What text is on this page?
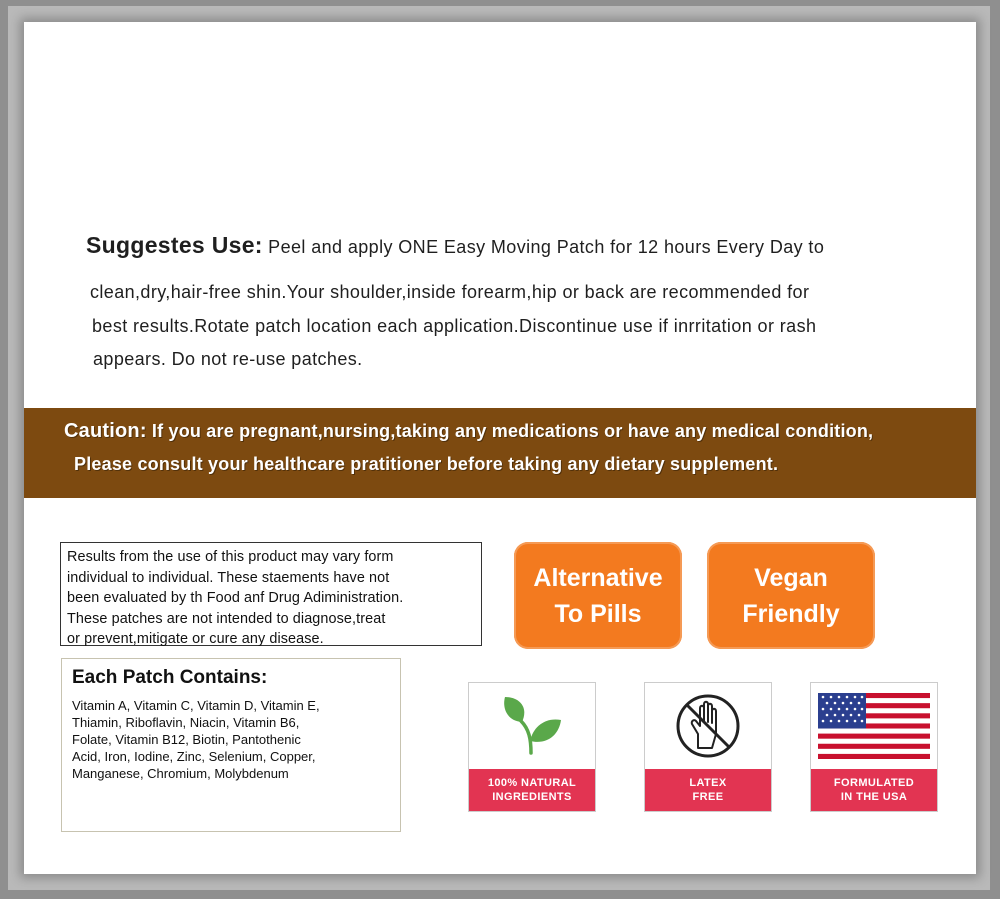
Suggestes Use: Peel and apply ONE Easy Moving Patch for 12 hours Every Day to
clean,dry,hair-free shin.Your shoulder,inside forearm,hip or back are recommended for
best results.Rotate patch location each application.Discontinue use if inrritation or rash
appears. Do not re-use patches.
Caution: If you are pregnant,nursing,taking any medications or have any medical condition,
Please consult your healthcare pratitioner before taking any dietary supplement.
Results from the use of this product may vary form
individual to individual. These staements have not
been evaluated by th Food anf Drug Adiministration.
These patches are not intended to diagnose,treat
or prevent,mitigate or cure any disease.
Each Patch Contains:
Vitamin A, Vitamin C, Vitamin D, Vitamin E,
Thiamin, Riboflavin, Niacin, Vitamin B6,
Folate, Vitamin B12, Biotin, Pantothenic
Acid, Iron, Iodine, Zinc, Selenium, Copper,
Manganese, Chromium, Molybdenum
Alternative
To Pills
Vegan
Friendly
100% NATURAL
INGREDIENTS
LATEX
FREE
FORMULATED
IN THE USA
